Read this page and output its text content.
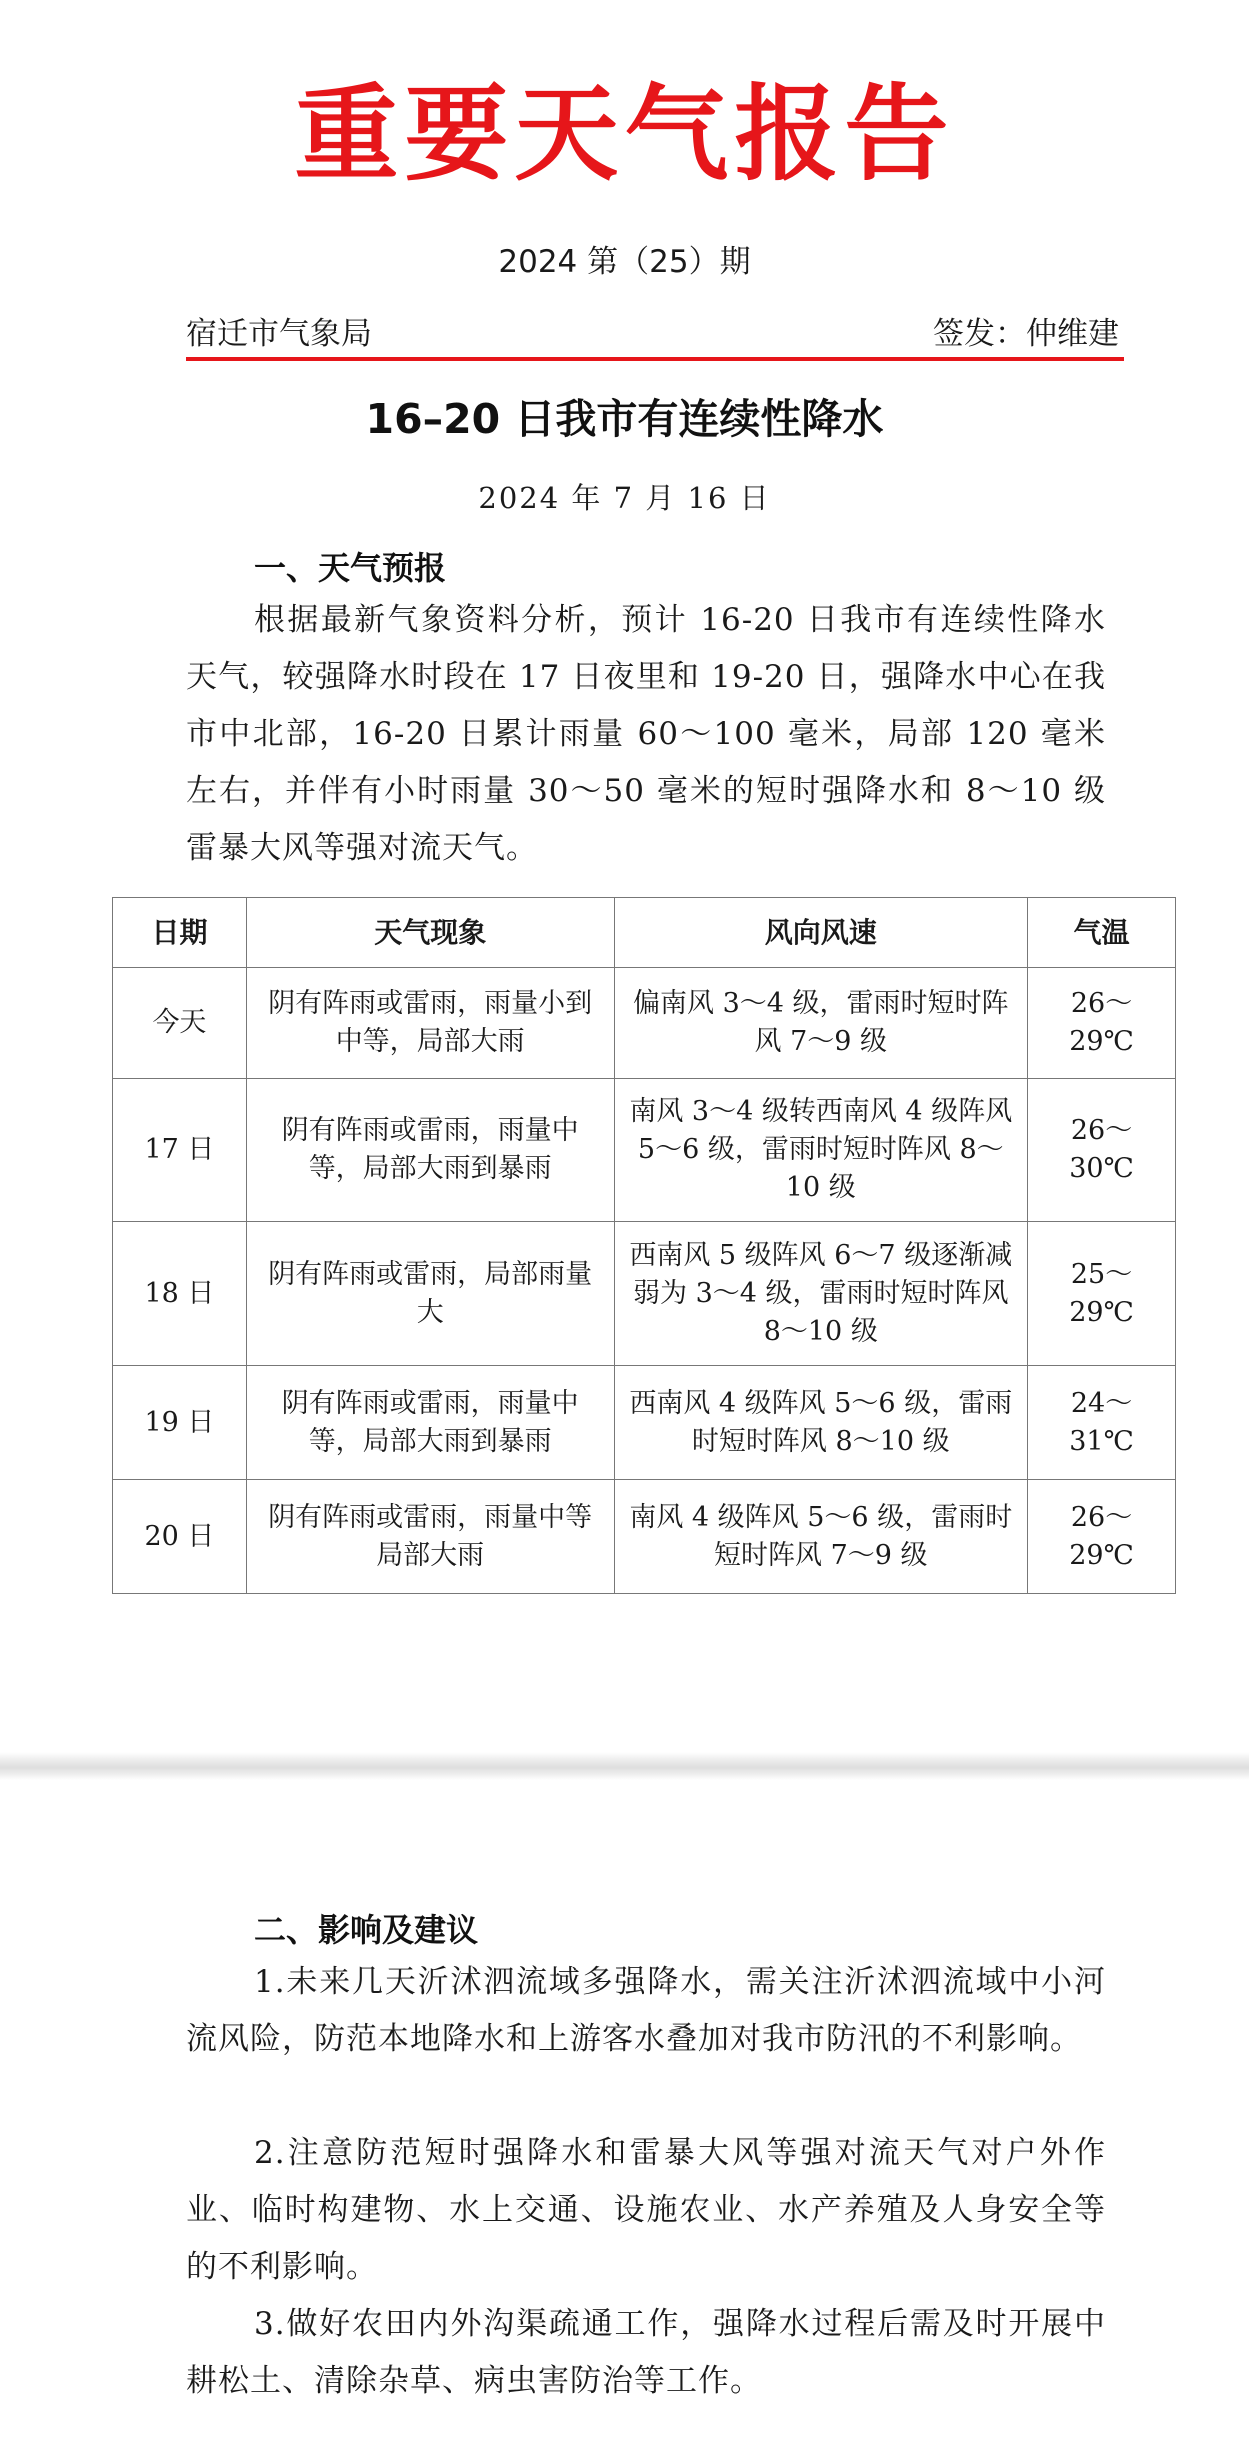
重要天气报告
2024 第（25）期
宿迁市气象局	签发：仲维建
16–20 日我市有连续性降水
2024 年 7 月 16 日
一、天气预报

根据最新气象资料分析，预计 16-20 日我市有连续性降水天气，较强降水时段在 17 日夜里和 19-20 日，强降水中心在我市中北部，16-20 日累计雨量 60～100 毫米，局部 120 毫米左右，并伴有小时雨量 30～50 毫米的短时强降水和 8～10 级雷暴大风等强对流天气。

日期	天气现象	风向风速	气温
今天	阴有阵雨或雷雨，雨量小到中等，局部大雨	偏南风 3～4 级，雷雨时短时阵风 7～9 级	26～29℃
17 日	阴有阵雨或雷雨，雨量中等，局部大雨到暴雨	南风 3～4 级转西南风 4 级阵风 5～6 级，雷雨时短时阵风 8～10 级	26～30℃
18 日	阴有阵雨或雷雨，局部雨量大	西南风 5 级阵风 6～7 级逐渐减弱为 3～4 级，雷雨时短时阵风 8～10 级	25～29℃
19 日	阴有阵雨或雷雨，雨量中等，局部大雨到暴雨	西南风 4 级阵风 5～6 级，雷雨时短时阵风 8～10 级	24～31℃
20 日	阴有阵雨或雷雨，雨量中等局部大雨	南风 4 级阵风 5～6 级，雷雨时短时阵风 7～9 级	26～29℃
二、影响及建议

1.未来几天沂沭泗流域多强降水，需关注沂沭泗流域中小河流风险，防范本地降水和上游客水叠加对我市防汛的不利影响。

2.注意防范短时强降水和雷暴大风等强对流天气对户外作业、临时构建物、水上交通、设施农业、水产养殖及人身安全等的不利影响。

3.做好农田内外沟渠疏通工作，强降水过程后需及时开展中耕松土、清除杂草、病虫害防治等工作。
